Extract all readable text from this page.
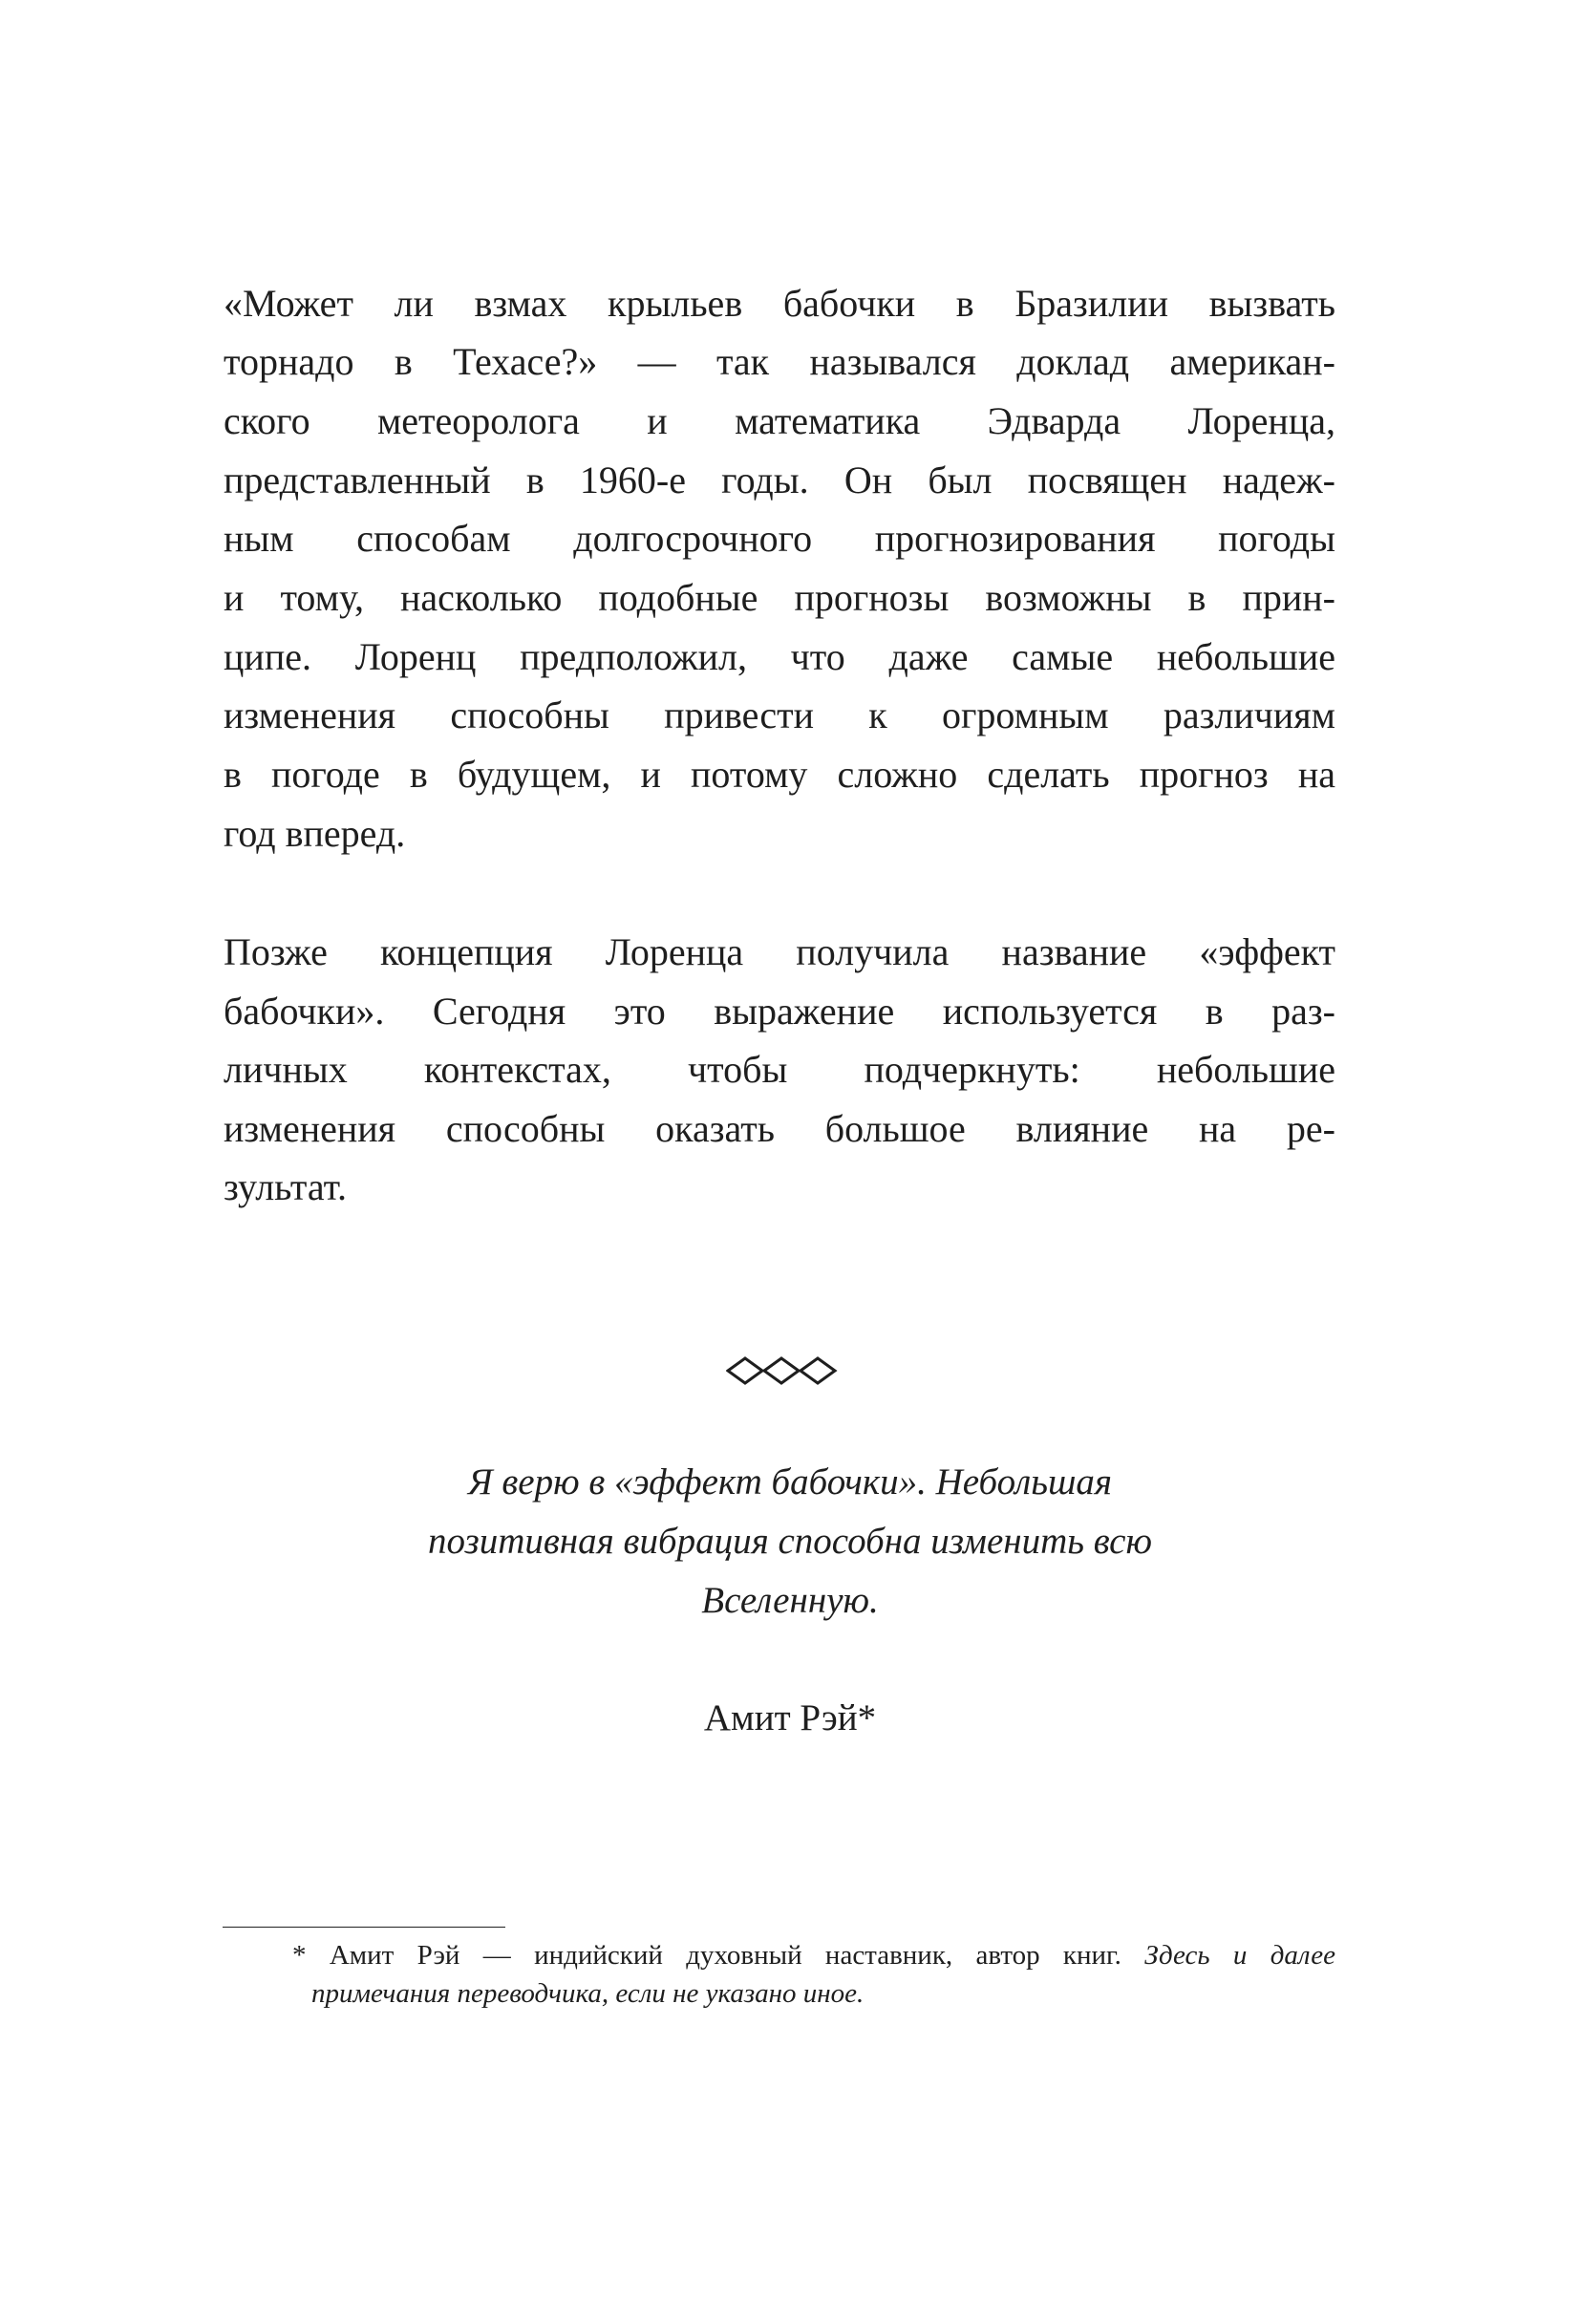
«Может ли взмах крыльев бабочки в Бразилии вызвать
торнадо в Техасе?» — так назывался доклад американ-
ского метеоролога и математика Эдварда Лоренца,
представленный в 1960-е годы. Он был посвящен надеж-
ным способам долгосрочного прогнозирования погоды
и тому, насколько подобные прогнозы возможны в прин-
ципе. Лоренц предположил, что даже самые небольшие
изменения способны привести к огромным различиям
в погоде в будущем, и потому сложно сделать прогноз на
год вперед.
Позже концепция Лоренца получила название «эффект
бабочки». Сегодня это выражение используется в раз-
личных контекстах, чтобы подчеркнуть: небольшие
изменения способны оказать большое влияние на ре-
зультат.
Я верю в «эффект бабочки». Небольшая
позитивная вибрация способна изменить всю
Вселенную.
Амит Рэй*
* Амит Рэй — индийский духовный наставник, автор книг. Здесь и далее
примечания переводчика, если не указано иное.
